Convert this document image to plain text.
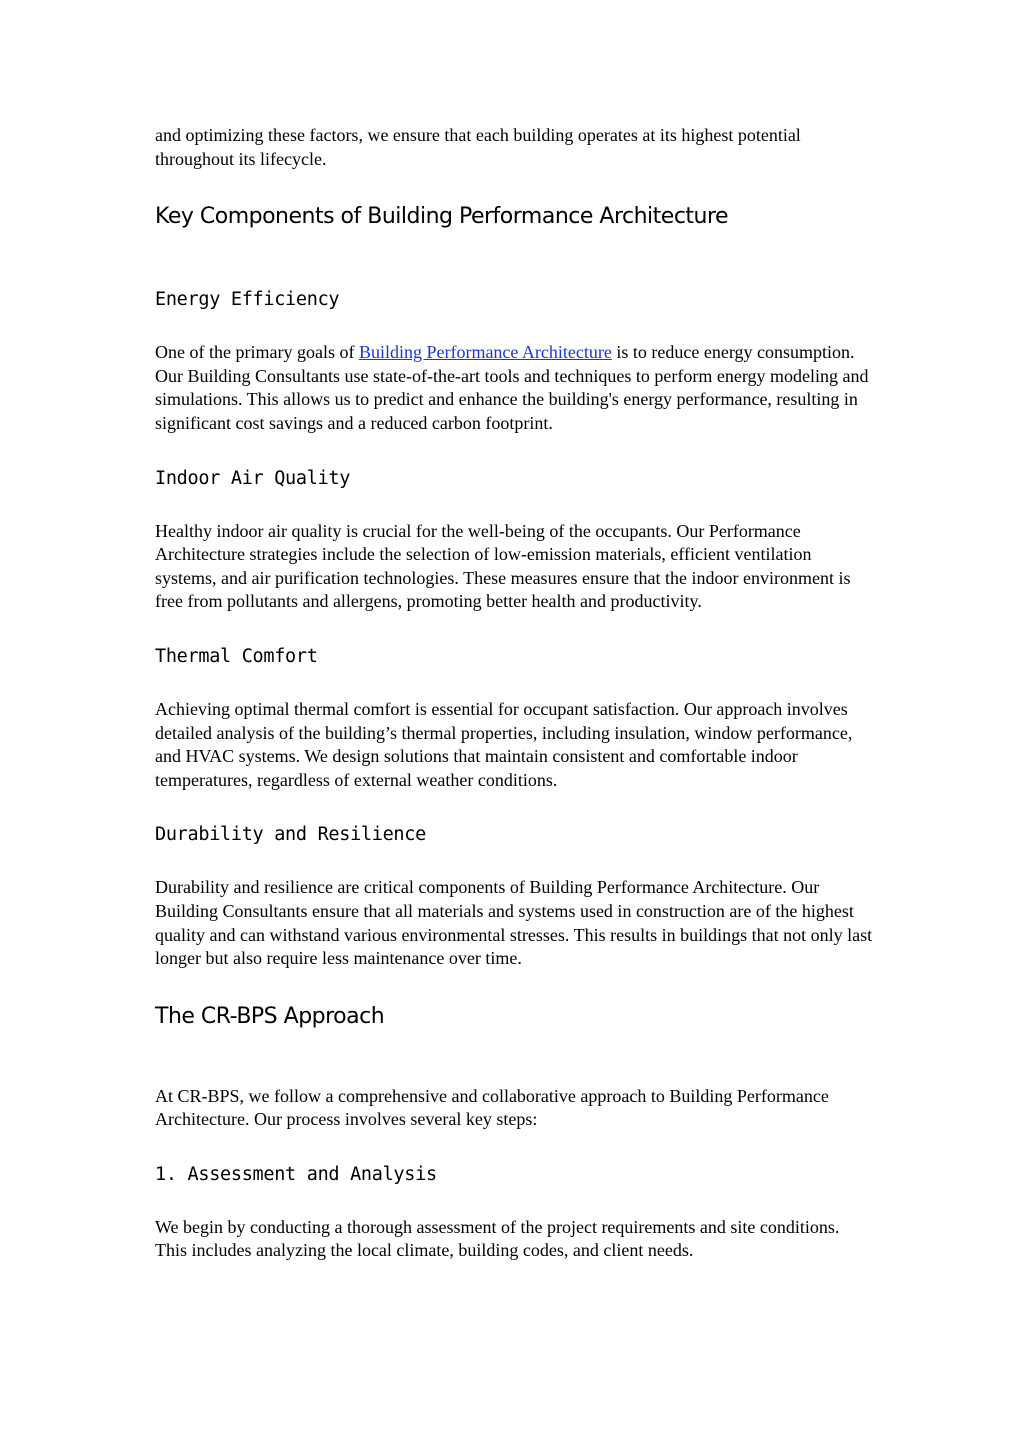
and optimizing these factors, we ensure that each building operates at its highest potential throughout its lifecycle.

Key Components of Building Performance Architecture
Energy Efficiency

One of the primary goals of Building Performance Architecture is to reduce energy consumption. Our Building Consultants use state-of-the-art tools and techniques to perform energy modeling and simulations. This allows us to predict and enhance the building's energy performance, resulting in significant cost savings and a reduced carbon footprint.

Indoor Air Quality

Healthy indoor air quality is crucial for the well-being of the occupants. Our Performance Architecture strategies include the selection of low-emission materials, efficient ventilation systems, and air purification technologies. These measures ensure that the indoor environment is free from pollutants and allergens, promoting better health and productivity.

Thermal Comfort

Achieving optimal thermal comfort is essential for occupant satisfaction. Our approach involves detailed analysis of the building’s thermal properties, including insulation, window performance, and HVAC systems. We design solutions that maintain consistent and comfortable indoor temperatures, regardless of external weather conditions.

Durability and Resilience

Durability and resilience are critical components of Building Performance Architecture. Our Building Consultants ensure that all materials and systems used in construction are of the highest quality and can withstand various environmental stresses. This results in buildings that not only last longer but also require less maintenance over time.

The CR-BPS Approach

At CR-BPS, we follow a comprehensive and collaborative approach to Building Performance Architecture. Our process involves several key steps:

1. Assessment and Analysis

We begin by conducting a thorough assessment of the project requirements and site conditions. This includes analyzing the local climate, building codes, and client needs.
